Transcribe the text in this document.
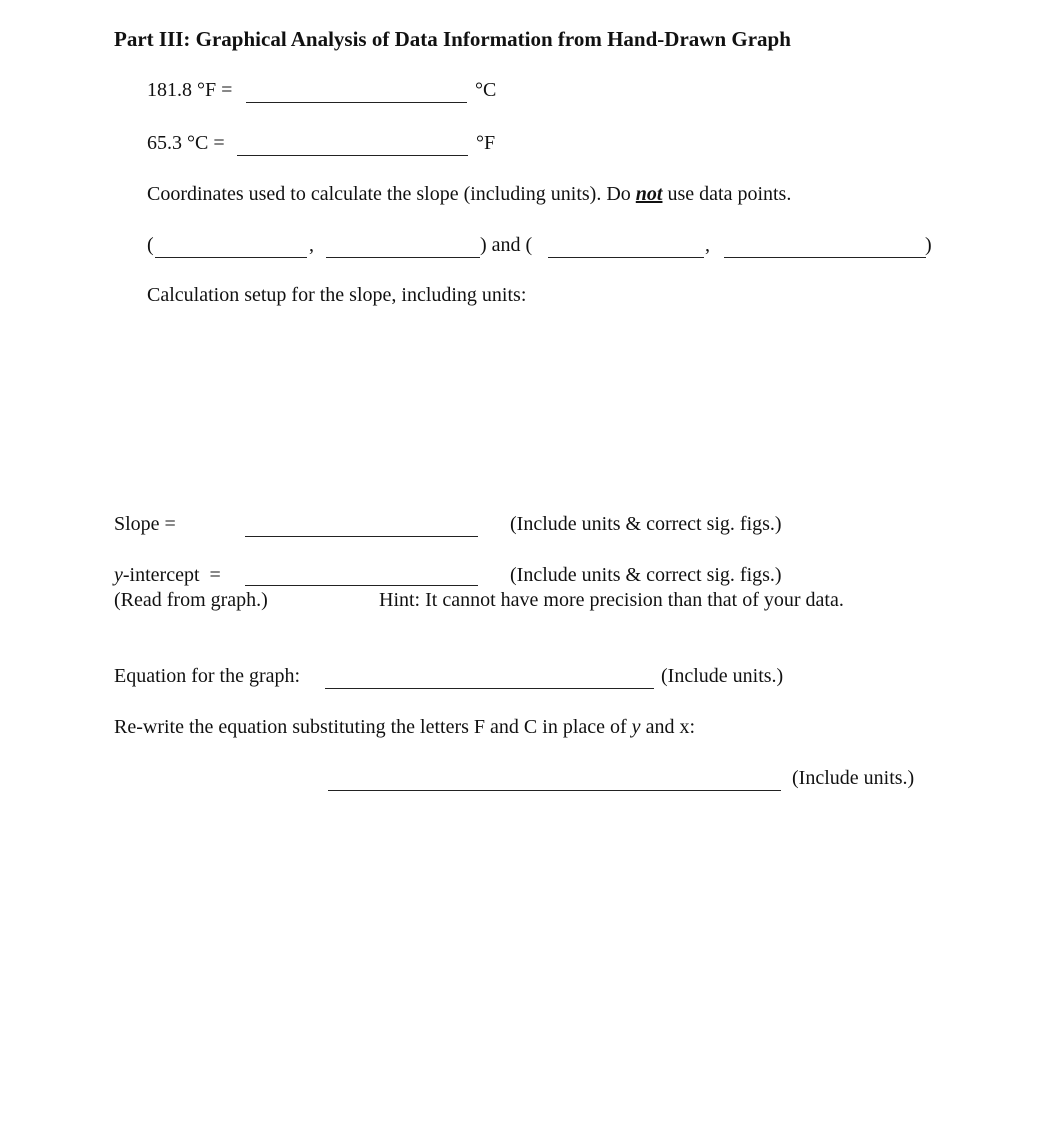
Part III: Graphical Analysis of Data Information from Hand-Drawn Graph
181.8 °F =	°C
65.3 °C =	°F
Coordinates used to calculate the slope (including units). Do not use data points.
(	,	) and (	,	)
Calculation setup for the slope, including units:
Slope =	(Include units & correct sig. figs.)
y-intercept  =	(Include units & correct sig. figs.)
(Read from graph.)	Hint: It cannot have more precision than that of your data.
Equation for the graph:	(Include units.)
Re-write the equation substituting the letters F and C in place of y and x:
(Include units.)
